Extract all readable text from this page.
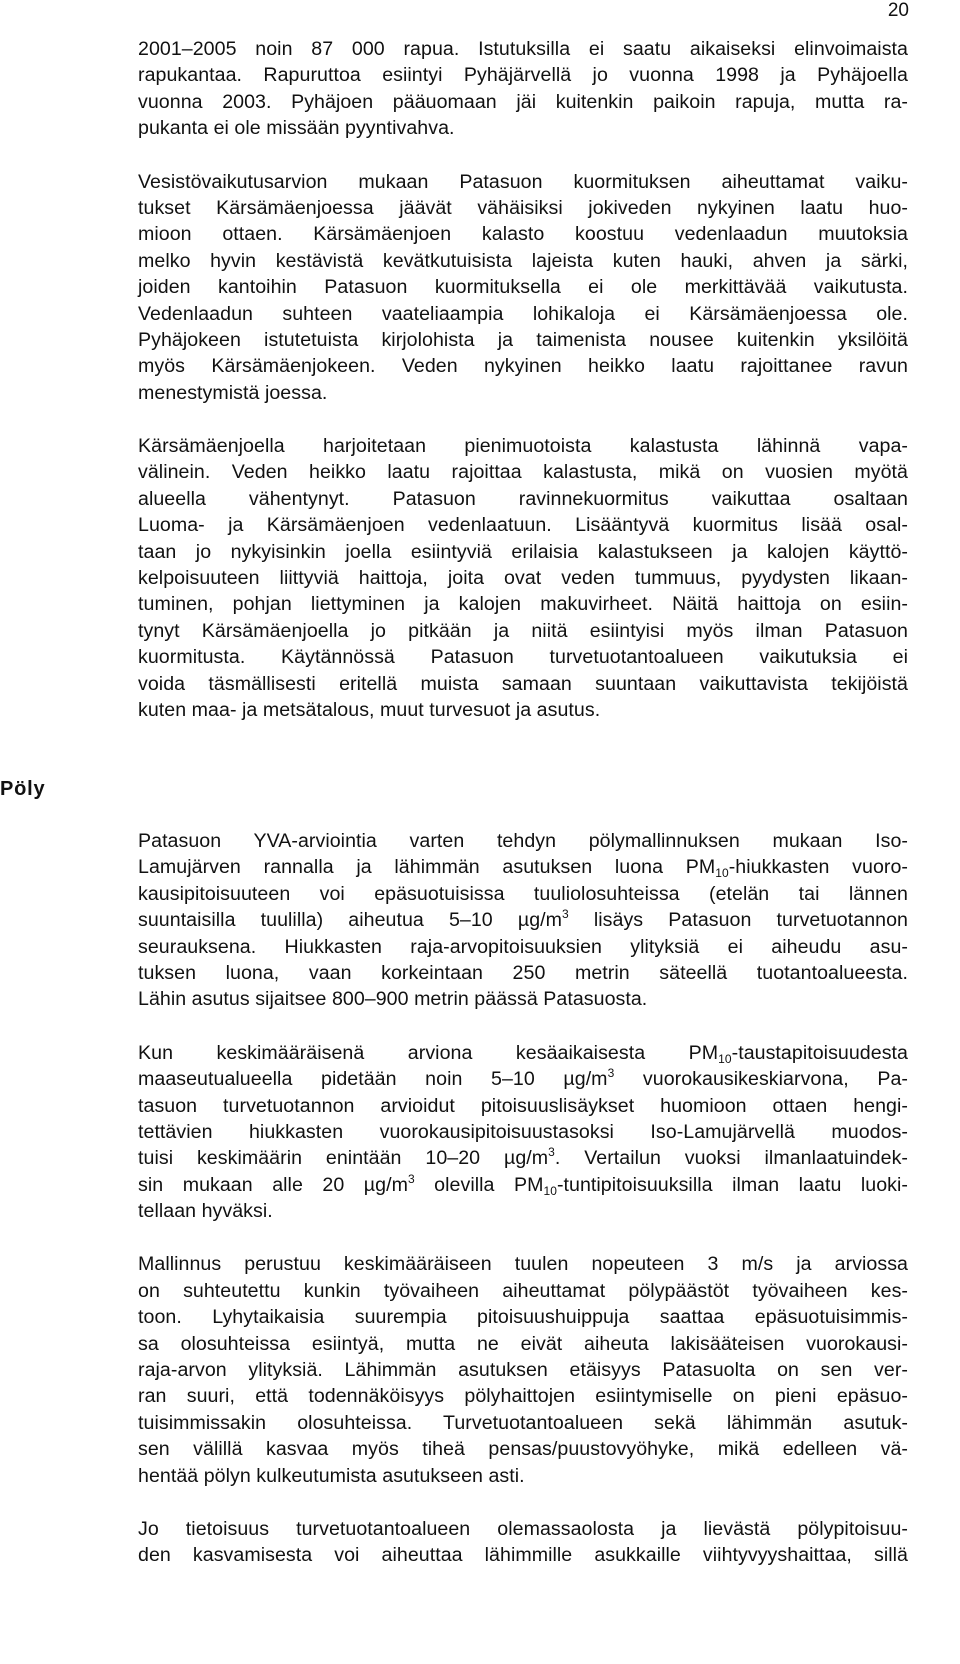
20
2001–2005 noin 87 000 rapua. Istutuksilla ei saatu aikaiseksi elinvoimaista
rapukantaa. Rapuruttoa esiintyi Pyhäjärvellä jo vuonna 1998 ja Pyhäjoella
vuonna 2003. Pyhäjoen pääuomaan jäi kuitenkin paikoin rapuja, mutta ra-
pukanta ei ole missään pyyntivahva.
Vesistövaikutusarvion mukaan Patasuon kuormituksen aiheuttamat vaiku-
tukset Kärsämäenjoessa jäävät vähäisiksi jokiveden nykyinen laatu huo-
mioon ottaen. Kärsämäenjoen kalasto koostuu vedenlaadun muutoksia
melko hyvin kestävistä kevätkutuisista lajeista kuten hauki, ahven ja särki,
joiden kantoihin Patasuon kuormituksella ei ole merkittävää vaikutusta.
Vedenlaadun suhteen vaateliaampia lohikaloja ei Kärsämäenjoessa ole.
Pyhäjokeen istutetuista kirjolohista ja taimenista nousee kuitenkin yksilöitä
myös Kärsämäenjokeen. Veden nykyinen heikko laatu rajoittanee ravun
menestymistä joessa.
Kärsämäenjoella harjoitetaan pienimuotoista kalastusta lähinnä vapa-
välinein. Veden heikko laatu rajoittaa kalastusta, mikä on vuosien myötä
alueella vähentynyt. Patasuon ravinnekuormitus vaikuttaa osaltaan
Luoma- ja Kärsämäenjoen vedenlaatuun. Lisääntyvä kuormitus lisää osal-
taan jo nykyisinkin joella esiintyviä erilaisia kalastukseen ja kalojen käyttö-
kelpoisuuteen liittyviä haittoja, joita ovat veden tummuus, pyydysten likaan-
tuminen, pohjan liettyminen ja kalojen makuvirheet. Näitä haittoja on esiin-
tynyt Kärsämäenjoella jo pitkään ja niitä esiintyisi myös ilman Patasuon
kuormitusta. Käytännössä Patasuon turvetuotantoalueen vaikutuksia ei
voida täsmällisesti eritellä muista samaan suuntaan vaikuttavista tekijöistä
kuten maa- ja metsätalous, muut turvesuot ja asutus.
Pöly
Patasuon YVA-arviointia varten tehdyn pölymallinnuksen mukaan Iso-
Lamujärven rannalla ja lähimmän asutuksen luona $PM_{10}$-hiukkasten vuoro-
kausipitoisuuteen voi epäsuotuisissa tuuliolosuhteissa (etelän tai lännen
suuntaisilla tuulilla) aiheutua 5–10 $\mu g/m^3$ lisäys Patasuon turvetuotannon
seurauksena. Hiukkasten raja-arvopitoisuuksien ylityksiä ei aiheudu asu-
tuksen luona, vaan korkeintaan 250 metrin säteellä tuotantoalueesta.
Lähin asutus sijaitsee 800–900 metrin päässä Patasuosta.
Kun keskimääräisenä arviona kesäaikaisesta $PM_{10}$-taustapitoisuudesta
maaseutualueella pidetään noin 5–10 $\mu g/m^3$ vuorokausikeskiarvona, Pa-
tasuon turvetuotannon arvioidut pitoisuuslisäykset huomioon ottaen hengi-
tettävien hiukkasten vuorokausipitoisuustasoksi Iso-Lamujärvellä muodos-
tuisi keskimäärin enintään 10–20 $\mu g/m^3$. Vertailun vuoksi ilmanlaatuindek-
sin mukaan alle 20 $\mu g/m^3$ olevilla $PM_{10}$-tuntipitoisuuksilla ilman laatu luoki-
tellaan hyväksi.
Mallinnus perustuu keskimääräiseen tuulen nopeuteen 3 m/s ja arviossa
on suhteutettu kunkin työvaiheen aiheuttamat pölypäästöt työvaiheen kes-
toon. Lyhytaikaisia suurempia pitoisuushuippuja saattaa epäsuotuisimmis-
sa olosuhteissa esiintyä, mutta ne eivät aiheuta lakisääteisen vuorokausi-
raja-arvon ylityksiä. Lähimmän asutuksen etäisyys Patasuolta on sen ver-
ran suuri, että todennäköisyys pölyhaittojen esiintymiselle on pieni epäsuo-
tuisimmissakin olosuhteissa. Turvetuotantoalueen sekä lähimmän asutuk-
sen välillä kasvaa myös tiheä pensas/puustovyöhyke, mikä edelleen vä-
hentää pölyn kulkeutumista asutukseen asti.
Jo tietoisuus turvetuotantoalueen olemassaolosta ja lievästä pölypitoisuu-
den kasvamisesta voi aiheuttaa lähimmille asukkaille viihtyvyyshaittaa, sillä
